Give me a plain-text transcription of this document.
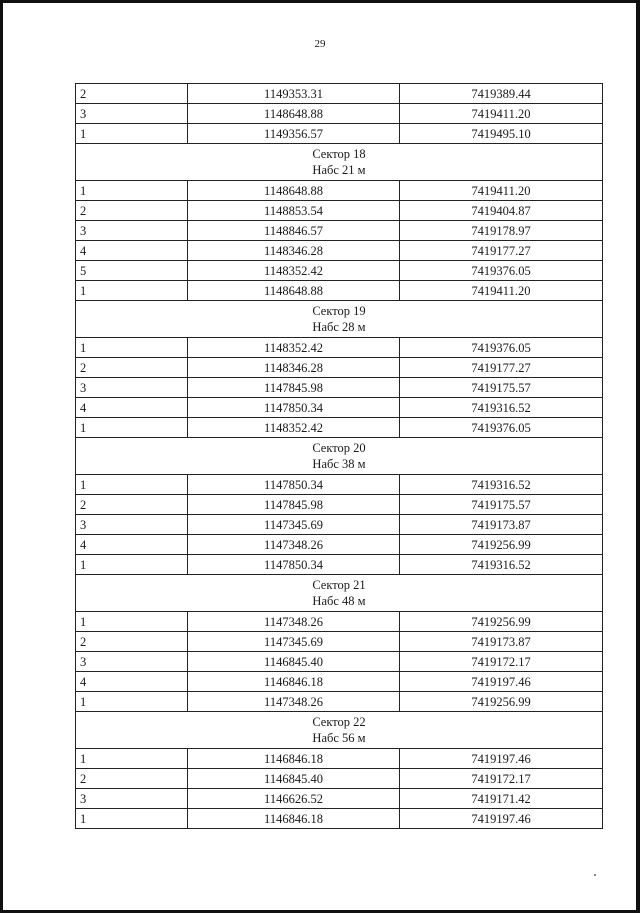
29
2	1149353.31	7419389.44
3	1148648.88	7419411.20
1	1149356.57	7419495.10

Сектор 18
Набс 21 м		

1	1148648.88	7419411.20
2	1148853.54	7419404.87
3	1148846.57	7419178.97
4	1148346.28	7419177.27
5	1148352.42	7419376.05
1	1148648.88	7419411.20

Сектор 19
Набс 28 м		

1	1148352.42	7419376.05
2	1148346.28	7419177.27
3	1147845.98	7419175.57
4	1147850.34	7419316.52
1	1148352.42	7419376.05

Сектор 20
Набс 38 м		

1	1147850.34	7419316.52
2	1147845.98	7419175.57
3	1147345.69	7419173.87
4	1147348.26	7419256.99
1	1147850.34	7419316.52

Сектор 21
Набс 48 м		

1	1147348.26	7419256.99
2	1147345.69	7419173.87
3	1146845.40	7419172.17
4	1146846.18	7419197.46
1	1147348.26	7419256.99

Сектор 22
Набс 56 м		

1	1146846.18	7419197.46
2	1146845.40	7419172.17
3	1146626.52	7419171.42
1	1146846.18	7419197.46
